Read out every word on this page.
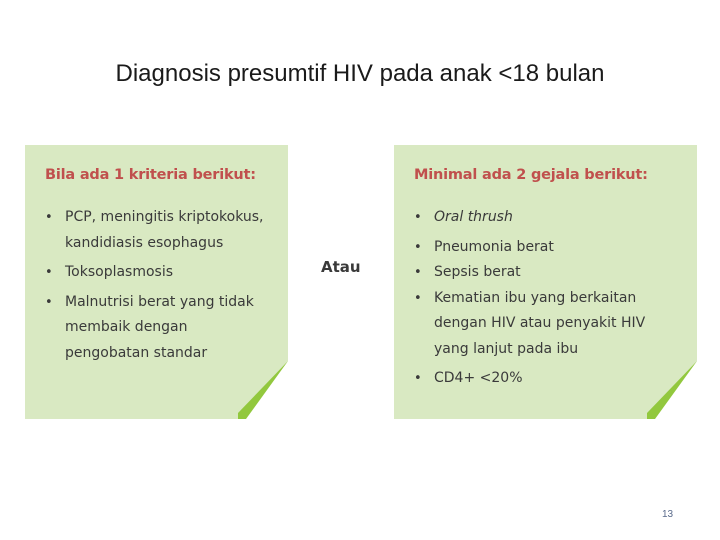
Diagnosis presumtif HIV pada anak <18 bulan
Bila ada 1 kriteria berikut:
• PCP, meningitis kriptokokus, kandidiasis esophagus
• Toksoplasmosis
• Malnutrisi berat yang tidak membaik dengan pengobatan standar
Atau
Minimal ada 2 gejala berikut:
• Oral thrush
• Pneumonia berat
• Sepsis berat
• Kematian ibu yang berkaitan dengan HIV atau penyakit HIV yang lanjut pada ibu
• CD4+ <20%
13
